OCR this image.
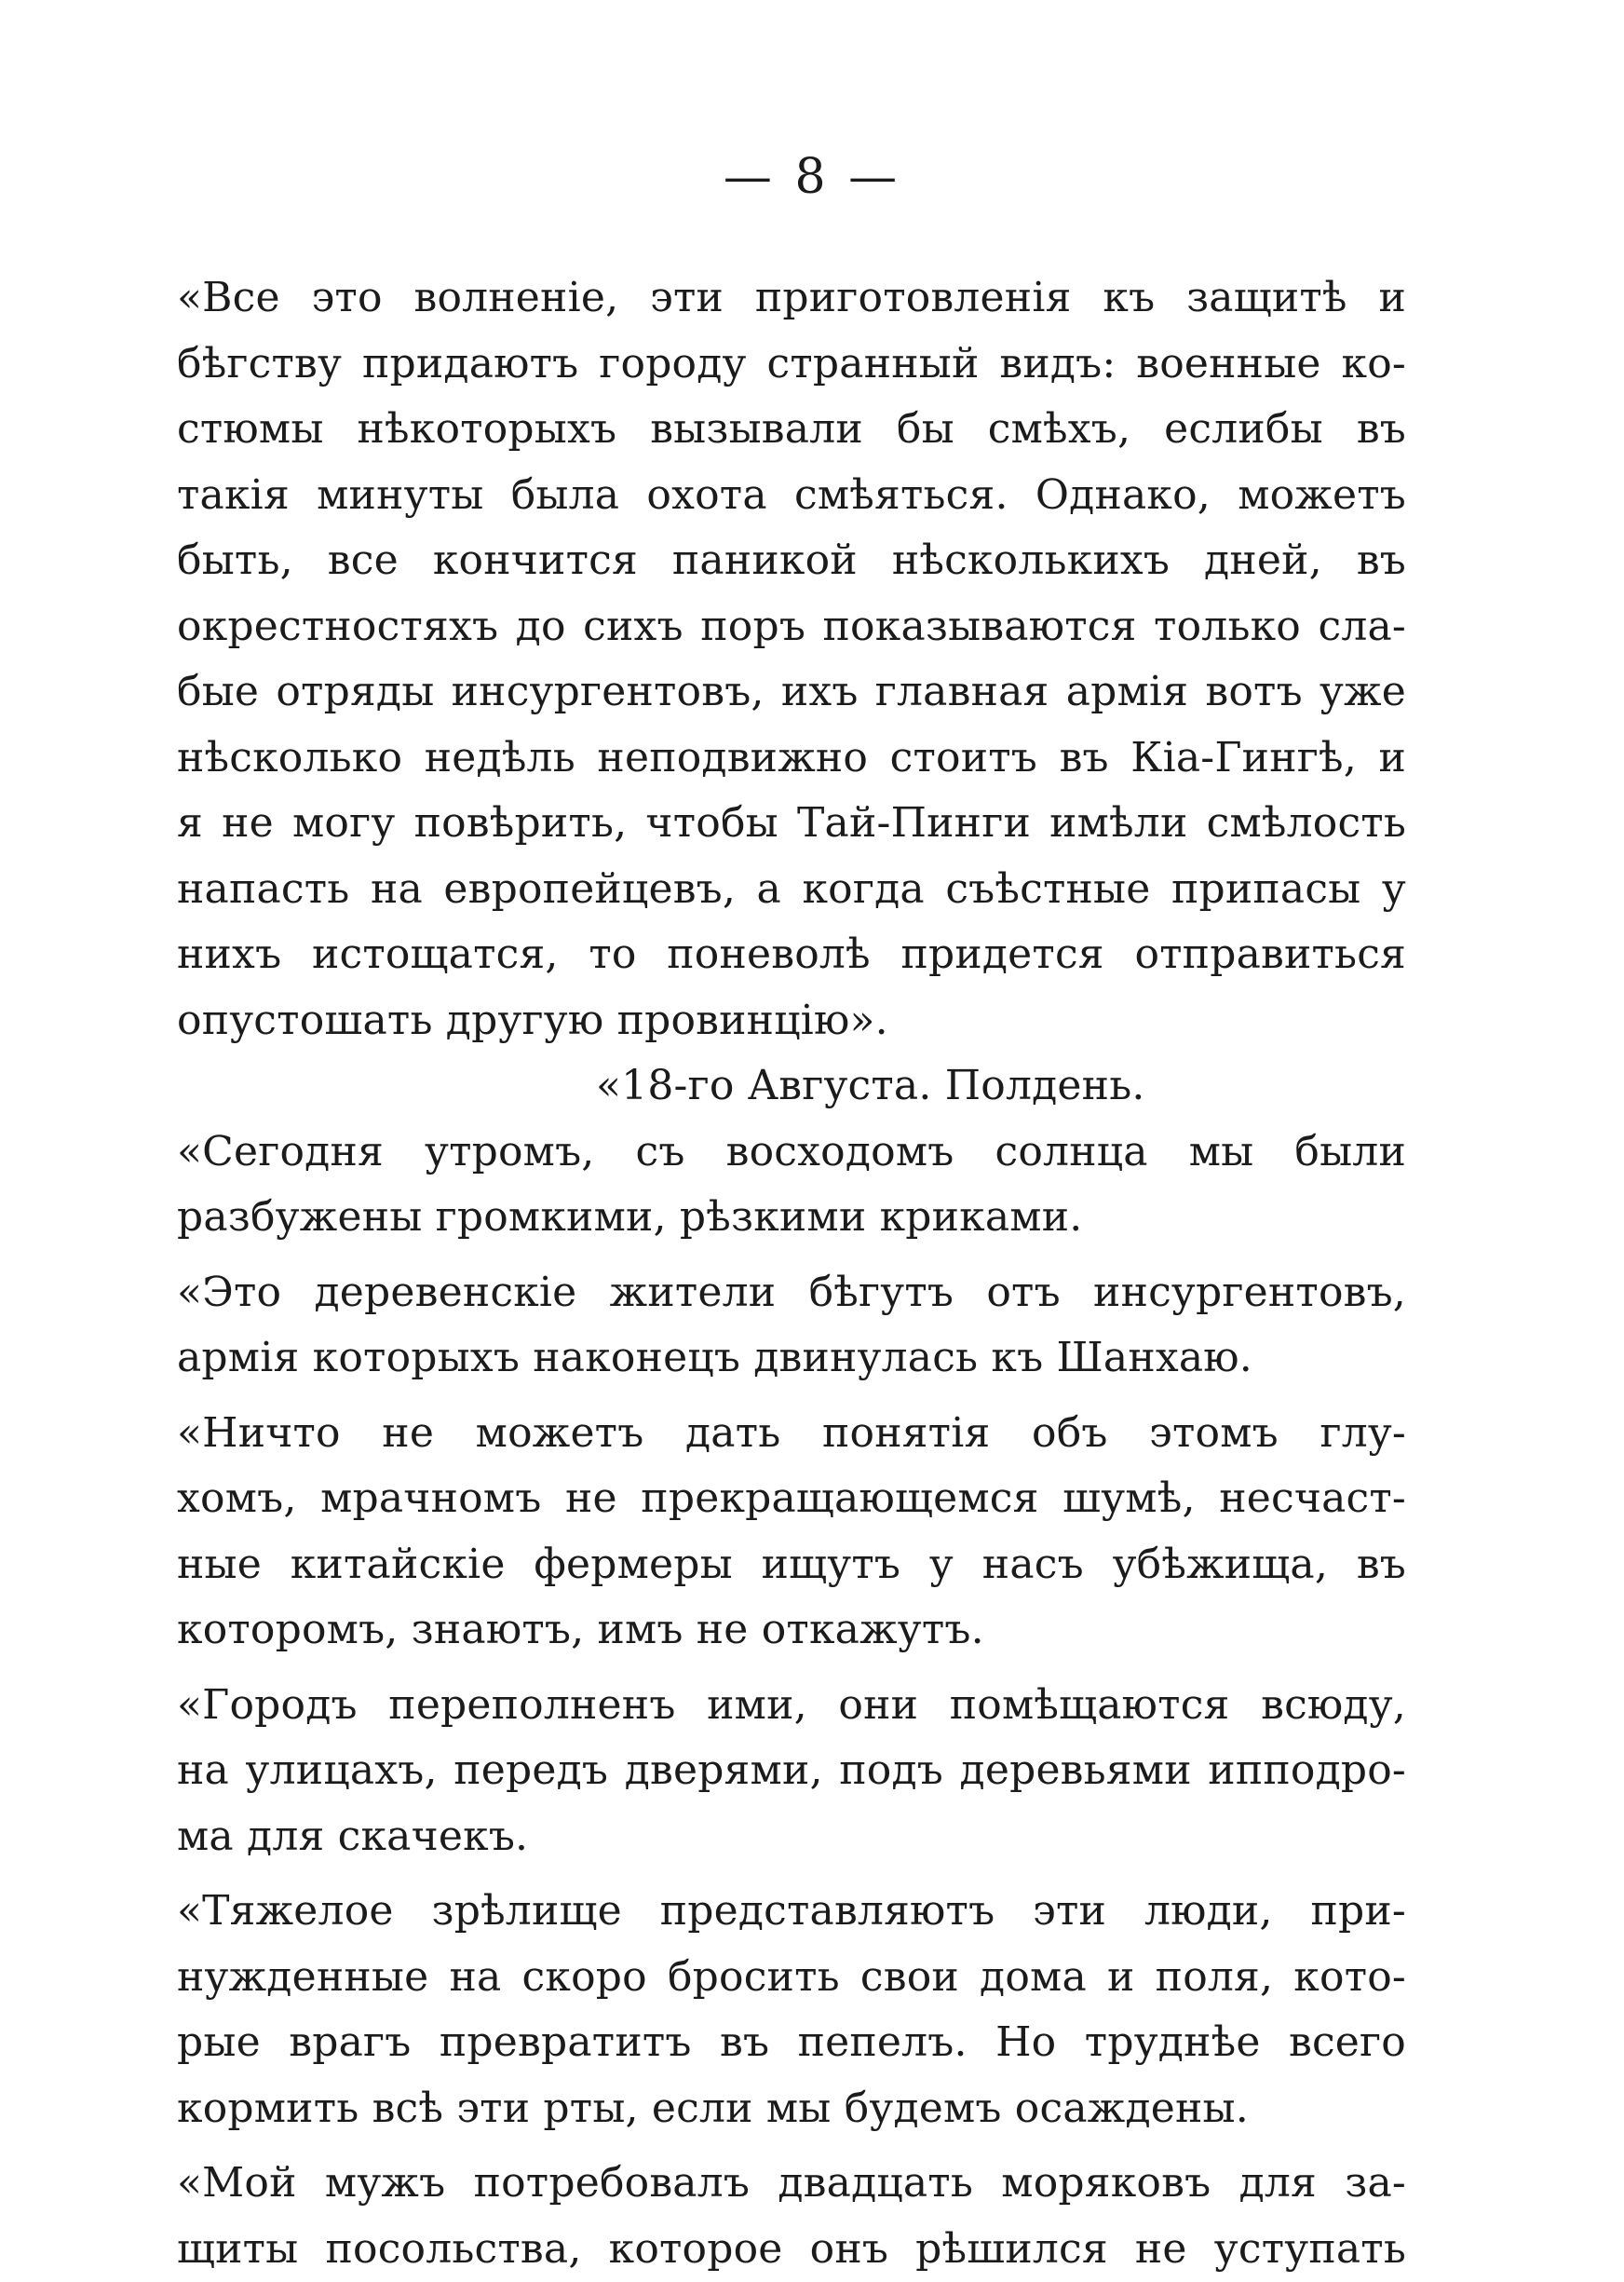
— 8 —
«Все это волненіе, эти приготовленія къ защитѣ и
бѣгству придаютъ городу странный видъ: военные ко-
стюмы нѣкоторыхъ вызывали бы смѣхъ, еслибы въ
такія минуты была охота смѣяться. Однако, можетъ
быть, все кончится паникой нѣсколькихъ дней, въ
окрестностяхъ до сихъ поръ показываются только сла-
бые отряды инсургентовъ, ихъ главная армія вотъ уже
нѣсколько недѣль неподвижно стоитъ въ Кіа-Гингѣ, и
я не могу повѣрить, чтобы Тай-Пинги имѣли смѣлость
напасть на европейцевъ, а когда съѣстные припасы у
нихъ истощатся, то поневолѣ придется отправиться
опустошать другую провинцію».
«18-го Августа. Полдень.
«Сегодня утромъ, съ восходомъ солнца мы были
разбужены громкими, рѣзкими криками.
«Это деревенскіе жители бѣгутъ отъ инсургентовъ,
армія которыхъ наконецъ двинулась къ Шанхаю.
«Ничто не можетъ дать понятія объ этомъ глу-
хомъ, мрачномъ не прекращающемся шумѣ, несчаст-
ные китайскіе фермеры ищутъ у насъ убѣжища, въ
которомъ, знаютъ, имъ не откажутъ.
«Городъ переполненъ ими, они помѣщаются всюду,
на улицахъ, передъ дверями, подъ деревьями ипподро-
ма для скачекъ.
«Тяжелое зрѣлище представляютъ эти люди, при-
нужденные на скоро бросить свои дома и поля, кото-
рые врагъ превратитъ въ пепелъ. Но труднѣе всего
кормить всѣ эти рты, если мы будемъ осаждены.
«Мой мужъ потребовалъ двадцать моряковъ для за-
щиты посольства, которое онъ рѣшился не уступать
